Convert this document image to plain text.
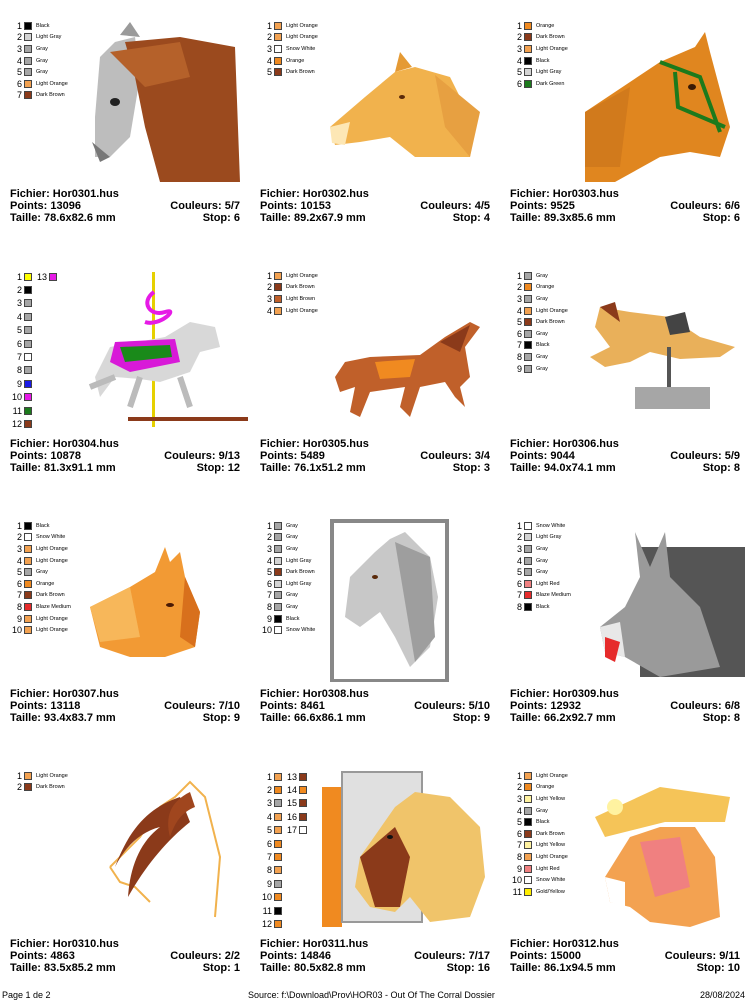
1	Black
2	Light Gray
3	Gray
4	Gray
5	Gray
6	Light Orange
7	Dark Brown
Fichier: Hor0301.hus
Points: 13096	Couleurs: 5/7
Taille: 78.6x82.6 mm	Stop: 6
1	Light Orange
2	Light Orange
3	Snow White
4	Orange
5	Dark Brown
Fichier: Hor0302.hus
Points: 10153	Couleurs: 4/5
Taille: 89.2x67.9 mm	Stop: 4
1	Orange
2	Dark Brown
3	Light Orange
4	Black
5	Light Gray
6	Dark Green
Fichier: Hor0303.hus
Points: 9525	Couleurs: 6/6
Taille: 89.3x85.6 mm	Stop: 6
1
2
3
4
5
6
7
8
9
10
11
12
13
Fichier: Hor0304.hus
Points: 10878	Couleurs: 9/13
Taille: 81.3x91.1 mm	Stop: 12
1	Light Orange
2	Dark Brown
3	Light Brown
4	Light Orange
Fichier: Hor0305.hus
Points: 5489	Couleurs: 3/4
Taille: 76.1x51.2 mm	Stop: 3
1	Gray
2	Orange
3	Gray
4	Light Orange
5	Dark Brown
6	Gray
7	Black
8	Gray
9	Gray
Fichier: Hor0306.hus
Points: 9044	Couleurs: 5/9
Taille: 94.0x74.1 mm	Stop: 8
1	Black
2	Snow White
3	Light Orange
4	Light Orange
5	Gray
6	Orange
7	Dark Brown
8	Blaze Medium
9	Light Orange
10	Light Orange
Fichier: Hor0307.hus
Points: 13118	Couleurs: 7/10
Taille: 93.4x83.7 mm	Stop: 9
1	Gray
2	Gray
3	Gray
4	Light Gray
5	Dark Brown
6	Light Gray
7	Gray
8	Gray
9	Black
10	Snow White
Fichier: Hor0308.hus
Points: 8461	Couleurs: 5/10
Taille: 66.6x86.1 mm	Stop: 9
1	Snow White
2	Light Gray
3	Gray
4	Gray
5	Gray
6	Light Red
7	Blaze Medium
8	Black
Fichier: Hor0309.hus
Points: 12932	Couleurs: 6/8
Taille: 66.2x92.7 mm	Stop: 8
1	Light Orange
2	Dark Brown
Fichier: Hor0310.hus
Points: 4863	Couleurs: 2/2
Taille: 83.5x85.2 mm	Stop: 1
1
2
3
4
5
6
7
8
9
10
11
12
13
14
15
16
17
Fichier: Hor0311.hus
Points: 14846	Couleurs: 7/17
Taille: 80.5x82.8 mm	Stop: 16
1	Light Orange
2	Orange
3	Light Yellow
4	Gray
5	Black
6	Dark Brown
7	Light Yellow
8	Light Orange
9	Light Red
10	Snow White
11	Gold/Yellow
Fichier: Hor0312.hus
Points: 15000	Couleurs: 9/11
Taille: 86.1x94.5 mm	Stop: 10
Page 1 de 2	Source: f:\Download\Prov\HOR03 - Out Of The Corral Dossier	28/08/2024
